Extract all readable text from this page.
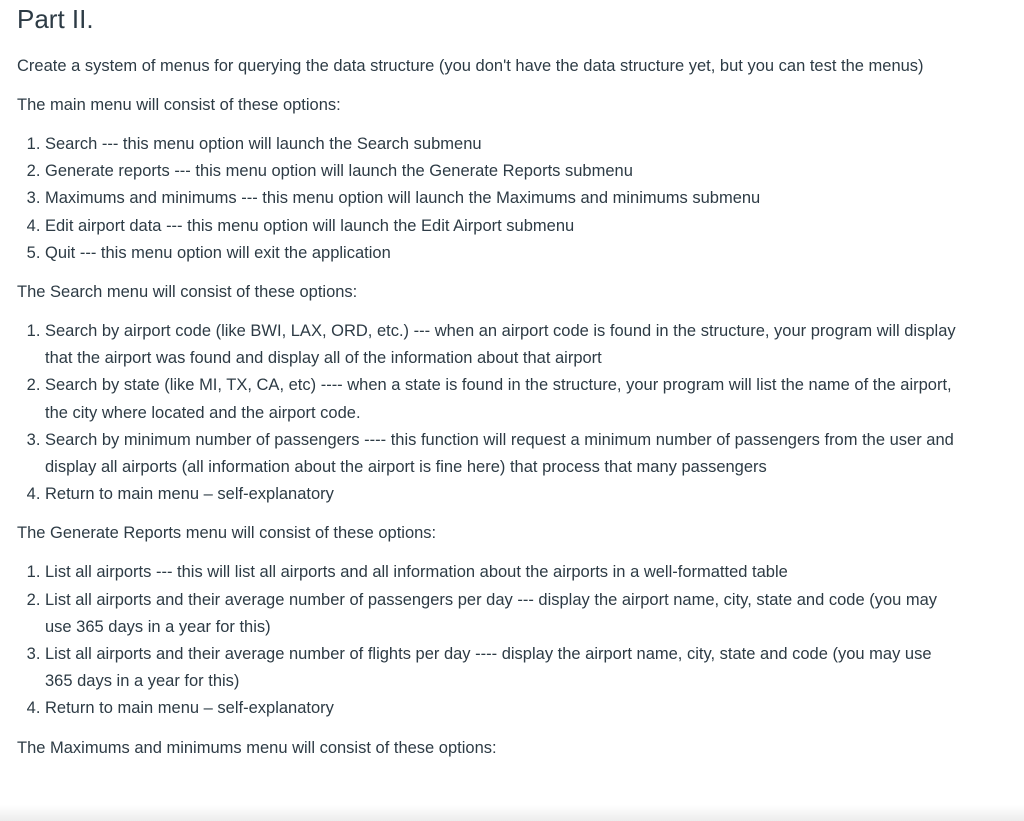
Part II.

Create a system of menus for querying the data structure (you don't have the data structure yet, but you can test the menus)

The main menu will consist of these options:

1. Search --- this menu option will launch the Search submenu
2. Generate reports --- this menu option will launch the Generate Reports submenu
3. Maximums and minimums --- this menu option will launch the Maximums and minimums submenu
4. Edit airport data --- this menu option will launch the Edit Airport submenu
5. Quit --- this menu option will exit the application

The Search menu will consist of these options:

1. Search by airport code (like BWI, LAX, ORD, etc.) --- when an airport code is found in the structure, your program will display that the airport was found and display all of the information about that airport
2. Search by state (like MI, TX, CA, etc) ---- when a state is found in the structure, your program will list the name of the airport, the city where located and the airport code.
3. Search by minimum number of passengers ---- this function will request a minimum number of passengers from the user and display all airports (all information about the airport is fine here) that process that many passengers
4. Return to main menu – self-explanatory

The Generate Reports menu will consist of these options:

1. List all airports --- this will list all airports and all information about the airports in a well-formatted table
2. List all airports and their average number of passengers per day --- display the airport name, city, state and code (you may use 365 days in a year for this)
3. List all airports and their average number of flights per day ---- display the airport name, city, state and code (you may use 365 days in a year for this)
4. Return to main menu – self-explanatory

The Maximums and minimums menu will consist of these options:
